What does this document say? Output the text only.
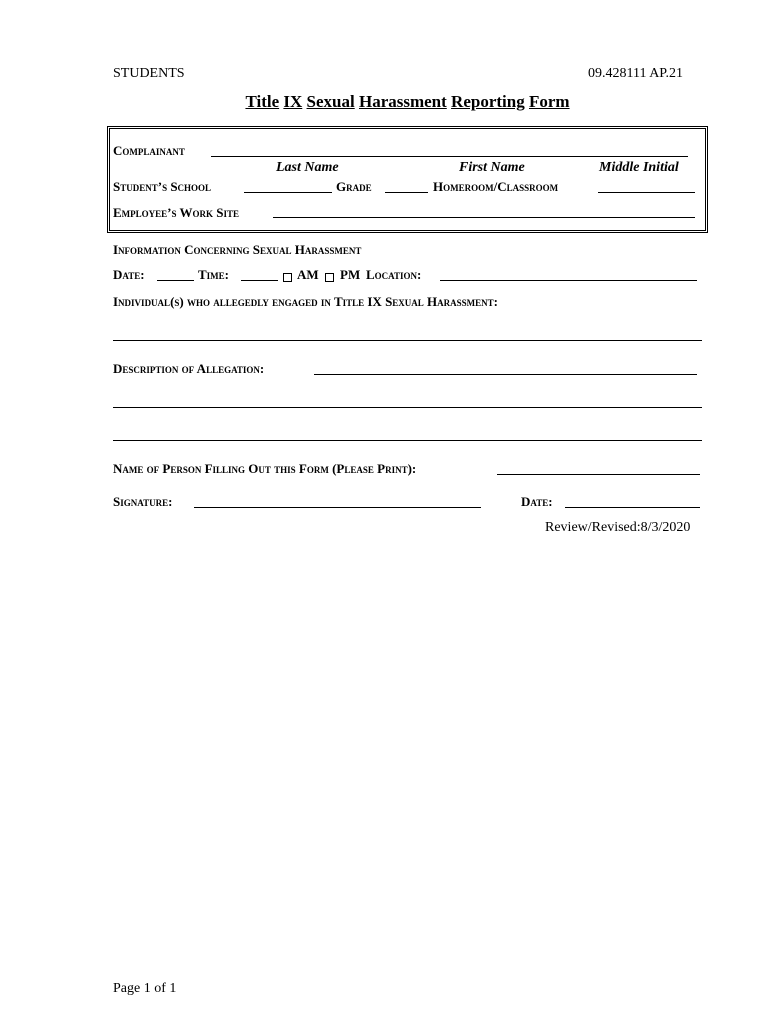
STUDENTS	09.428111 AP.21
Title IX Sexual Harassment Reporting Form
Complainant
Last Name	First Name	Middle Initial
Student’s School	Grade	Homeroom/Classroom
Employee’s Work Site
Information Concerning Sexual Harassment
Date:	Time:	AM PM Location:
Individual(s) who allegedly engaged in Title IX Sexual Harassment:
Description of Allegation:
Name of Person Filling Out this Form (Please Print):
Signature:	Date:
Review/Revised:8/3/2020
Page 1 of 1
